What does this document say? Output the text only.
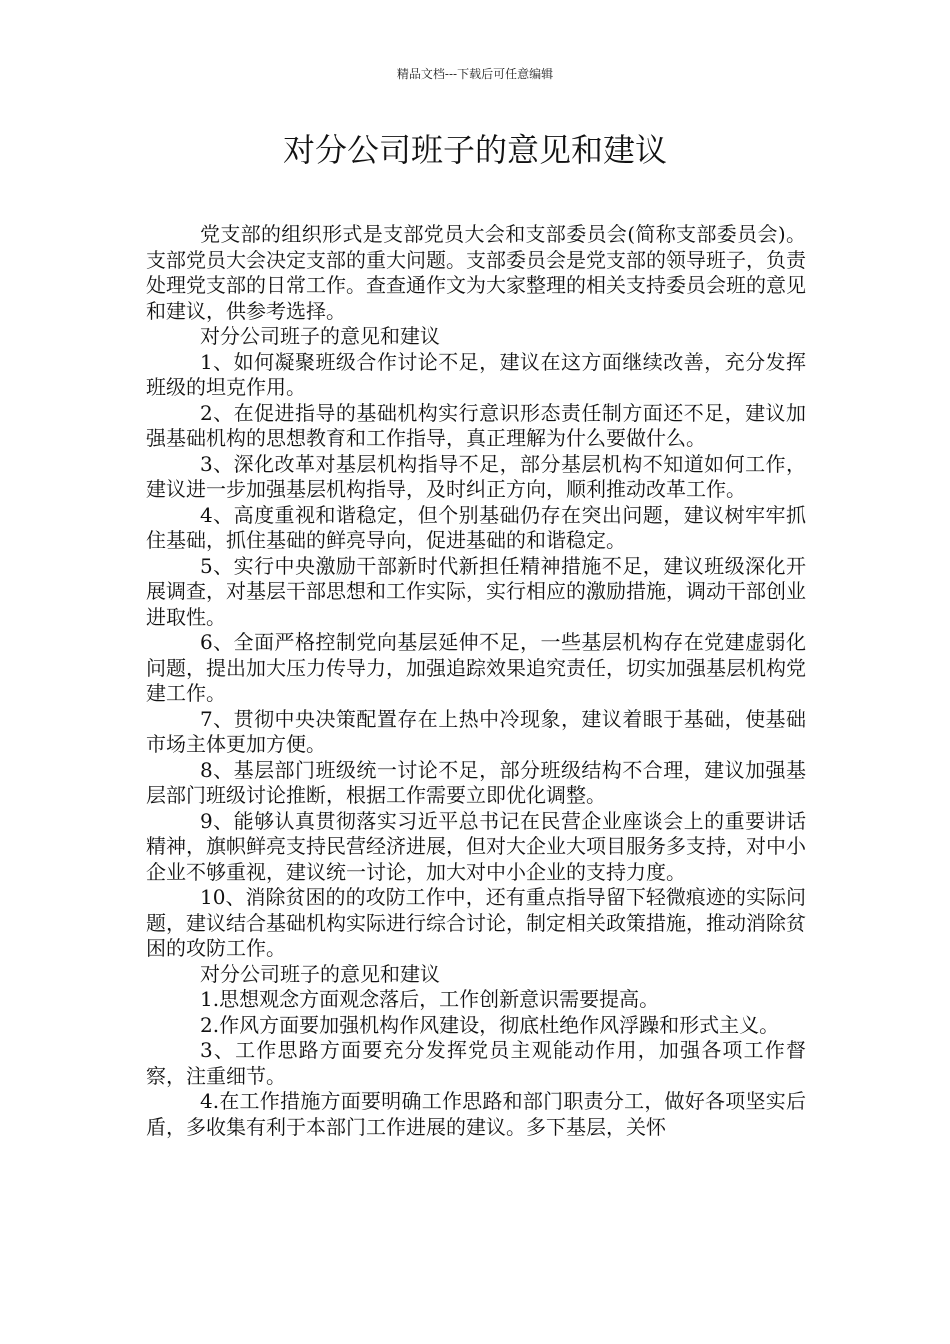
精品文档---下载后可任意编辑
对分公司班子的意见和建议

党支部的组织形式是支部党员大会和支部委员会(简称支部委员会)。支部党员大会决定支部的重大问题。支部委员会是党支部的领导班子，负责处理党支部的日常工作。查查通作文为大家整理的相关支持委员会班的意见和建议，供参考选择。

对分公司班子的意见和建议

1、如何凝聚班级合作讨论不足，建议在这方面继续改善，充分发挥班级的坦克作用。

2、在促进指导的基础机构实行意识形态责任制方面还不足，建议加强基础机构的思想教育和工作指导，真正理解为什么要做什么。

3、深化改革对基层机构指导不足，部分基层机构不知道如何工作，建议进一步加强基层机构指导，及时纠正方向，顺利推动改革工作。

4、高度重视和谐稳定，但个别基础仍存在突出问题，建议树牢牢抓住基础，抓住基础的鲜亮导向，促进基础的和谐稳定。

5、实行中央激励干部新时代新担任精神措施不足，建议班级深化开展调查，对基层干部思想和工作实际，实行相应的激励措施，调动干部创业进取性。

6、全面严格控制党向基层延伸不足，一些基层机构存在党建虚弱化问题，提出加大压力传导力，加强追踪效果追究责任，切实加强基层机构党建工作。

7、贯彻中央决策配置存在上热中冷现象，建议着眼于基础，使基础市场主体更加方便。

8、基层部门班级统一讨论不足，部分班级结构不合理，建议加强基层部门班级讨论推断，根据工作需要立即优化调整。

9、能够认真贯彻落实习近平总书记在民营企业座谈会上的重要讲话精神，旗帜鲜亮支持民营经济进展，但对大企业大项目服务多支持，对中小企业不够重视，建议统一讨论，加大对中小企业的支持力度。

10、消除贫困的的攻防工作中，还有重点指导留下轻微痕迹的实际问题，建议结合基础机构实际进行综合讨论，制定相关政策措施，推动消除贫困的攻防工作。

对分公司班子的意见和建议

1.思想观念方面观念落后，工作创新意识需要提高。

2.作风方面要加强机构作风建设，彻底杜绝作风浮躁和形式主义。

3、工作思路方面要充分发挥党员主观能动作用，加强各项工作督察，注重细节。

4.在工作措施方面要明确工作思路和部门职责分工，做好各项坚实后盾，多收集有利于本部门工作进展的建议。多下基层，关怀
